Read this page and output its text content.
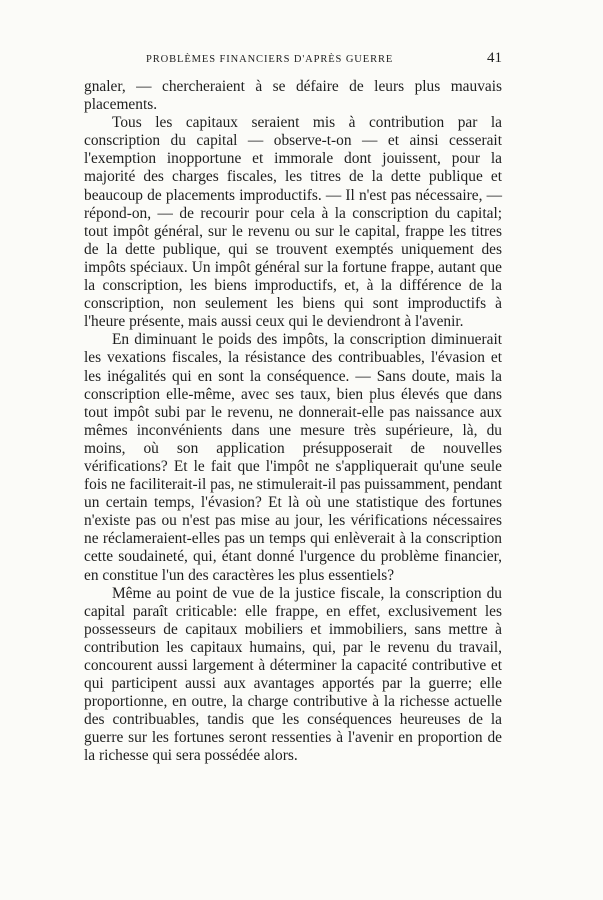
PROBLÈMES FINANCIERS D'APRÈS GUERRE	41

gnaler, — chercheraient à se défaire de leurs plus mauvais placements.

Tous les capitaux seraient mis à contribution par la conscription du capital — observe-t-on — et ainsi cesserait l'exemption inopportune et immorale dont jouissent, pour la majorité des charges fiscales, les titres de la dette publique et beaucoup de placements improductifs. — Il n'est pas nécessaire, — répond-on, — de recourir pour cela à la conscription du capital; tout impôt général, sur le revenu ou sur le capital, frappe les titres de la dette publique, qui se trouvent exemptés uniquement des impôts spéciaux. Un impôt général sur la fortune frappe, autant que la conscription, les biens improductifs, et, à la différence de la conscription, non seulement les biens qui sont improductifs à l'heure présente, mais aussi ceux qui le deviendront à l'avenir.

En diminuant le poids des impôts, la conscription diminuerait les vexations fiscales, la résistance des contribuables, l'évasion et les inégalités qui en sont la conséquence. — Sans doute, mais la conscription elle-même, avec ses taux, bien plus élevés que dans tout impôt subi par le revenu, ne donnerait-elle pas naissance aux mêmes inconvénients dans une mesure très supérieure, là, du moins, où son application présupposerait de nouvelles vérifications? Et le fait que l'impôt ne s'appliquerait qu'une seule fois ne faciliterait-il pas, ne stimulerait-il pas puissamment, pendant un certain temps, l'évasion? Et là où une statistique des fortunes n'existe pas ou n'est pas mise au jour, les vérifications nécessaires ne réclameraient-elles pas un temps qui enlèverait à la conscription cette soudaineté, qui, étant donné l'urgence du problème financier, en constitue l'un des caractères les plus essentiels?

Même au point de vue de la justice fiscale, la conscription du capital paraît criticable: elle frappe, en effet, exclusivement les possesseurs de capitaux mobiliers et immobiliers, sans mettre à contribution les capitaux humains, qui, par le revenu du travail, concourent aussi largement à déterminer la capacité contributive et qui participent aussi aux avantages apportés par la guerre; elle proportionne, en outre, la charge contributive à la richesse actuelle des contribuables, tandis que les conséquences heureuses de la guerre sur les fortunes seront ressenties à l'avenir en proportion de la richesse qui sera possédée alors.
